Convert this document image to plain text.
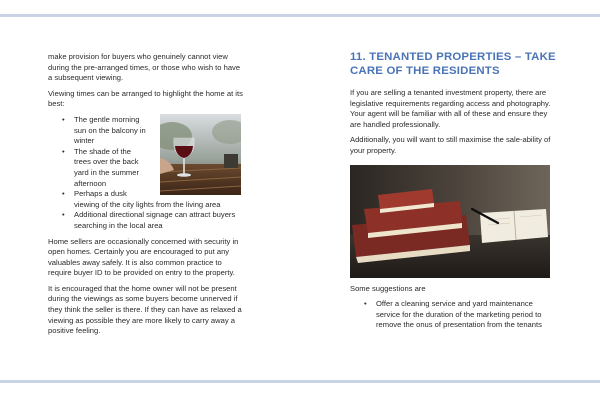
make provision for buyers who genuinely cannot view during the pre-arranged times, or those who wish to have a subsequent viewing.

Viewing times can be arranged to highlight the home at its best:

• The gentle morning sun on the balcony in winter
• The shade of the trees over the back yard in the summer afternoon
• Perhaps a dusk
viewing of the city lights from the living area
• Additional directional signage can attract buyers searching in the local area

Home sellers are occasionally concerned with security in open homes. Certainly you are encouraged to put any valuables away safely. It is also common practice to require buyer ID to be provided on entry to the property.

It is encouraged that the home owner will not be present during the viewings as some buyers become unnerved if they think the seller is there. If they can have as relaxed a viewing as possible they are more likely to carry away a positive feeling.

11. TENANTED PROPERTIES – TAKE CARE OF THE RESIDENTS

If you are selling a tenanted investment property, there are legislative requirements regarding access and photography. Your agent will be familiar with all of these and ensure they are handled professionally.

Additionally, you will want to still maximise the sale-ability of your property.

Some suggestions are

• Offer a cleaning service and yard maintenance service for the duration of the marketing period to remove the onus of presentation from the tenants
